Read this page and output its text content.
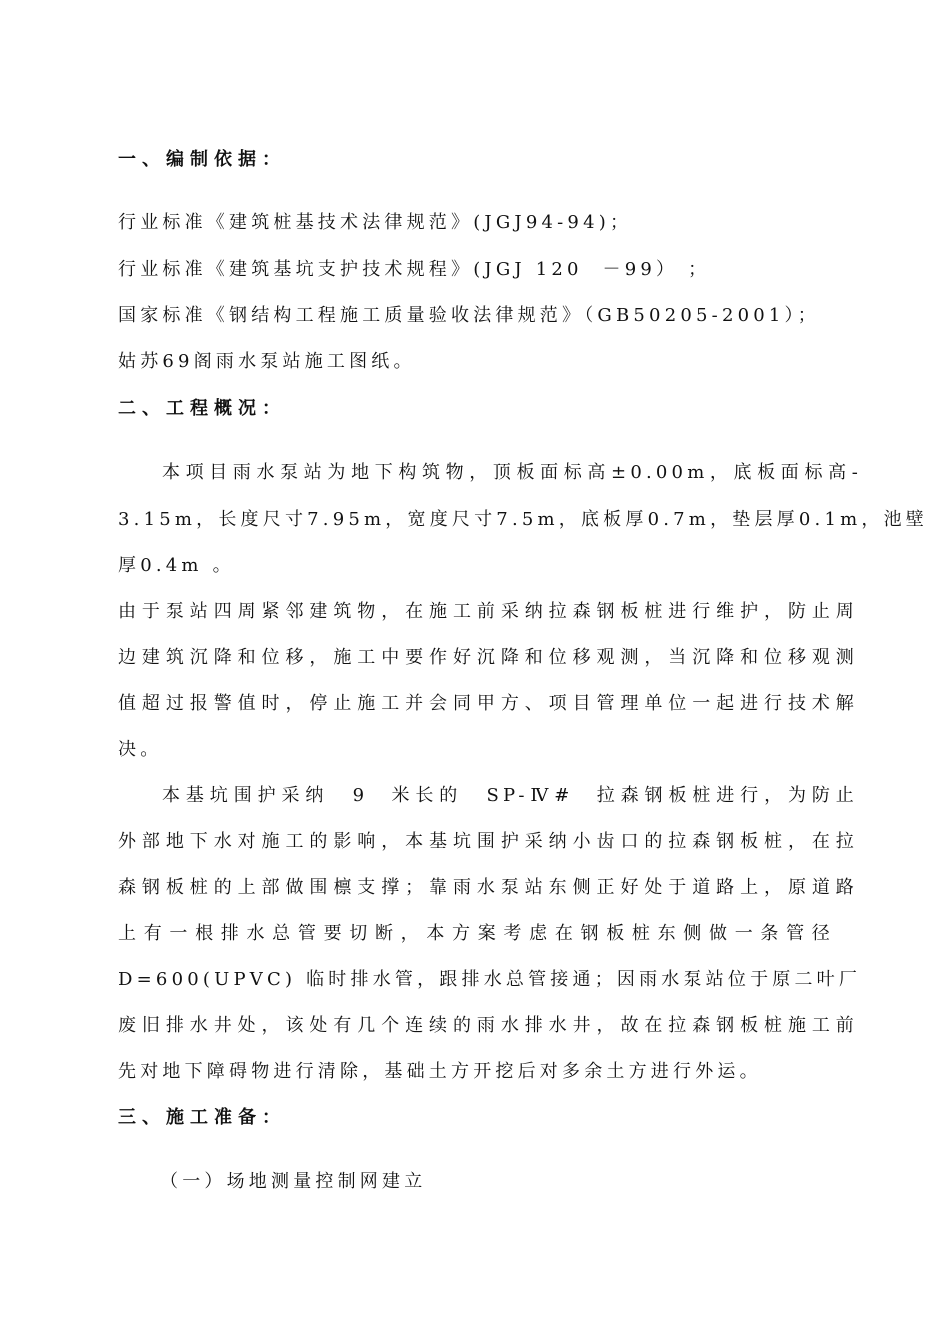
一、编制依据：
行业标准《建筑桩基技术法律规范》(JGJ94-94)；
行业标准《建筑基坑支护技术规程》(JGJ 120  －99） ；
国家标准《钢结构工程施工质量验收法律规范》（GB50205-2001）；
姑苏69阁雨水泵站施工图纸。
二、工程概况：
本项目雨水泵站为地下构筑物，顶板面标高±0.00m，底板面标高-
3.15m，长度尺寸7.95m，宽度尺寸7.5m，底板厚0.7m，垫层厚0.1m，池壁
厚0.4m 。
由于泵站四周紧邻建筑物，在施工前采纳拉森钢板桩进行维护，防止周
边建筑沉降和位移，施工中要作好沉降和位移观测，当沉降和位移观测
值超过报警值时，停止施工并会同甲方、项目管理单位一起进行技术解
决。
本基坑围护采纳  9  米长的  SP-Ⅳ#  拉森钢板桩进行，为防止
外部地下水对施工的影响，本基坑围护采纳小齿口的拉森钢板桩，在拉
森钢板桩的上部做围檩支撑；靠雨水泵站东侧正好处于道路上，原道路
上有一根排水总管要切断，本方案考虑在钢板桩东侧做一条管径
D=600(UPVC) 临时排水管，跟排水总管接通；因雨水泵站位于原二叶厂
废旧排水井处，该处有几个连续的雨水排水井，故在拉森钢板桩施工前
先对地下障碍物进行清除，基础土方开挖后对多余土方进行外运。
三、施工准备：
（一）场地测量控制网建立
